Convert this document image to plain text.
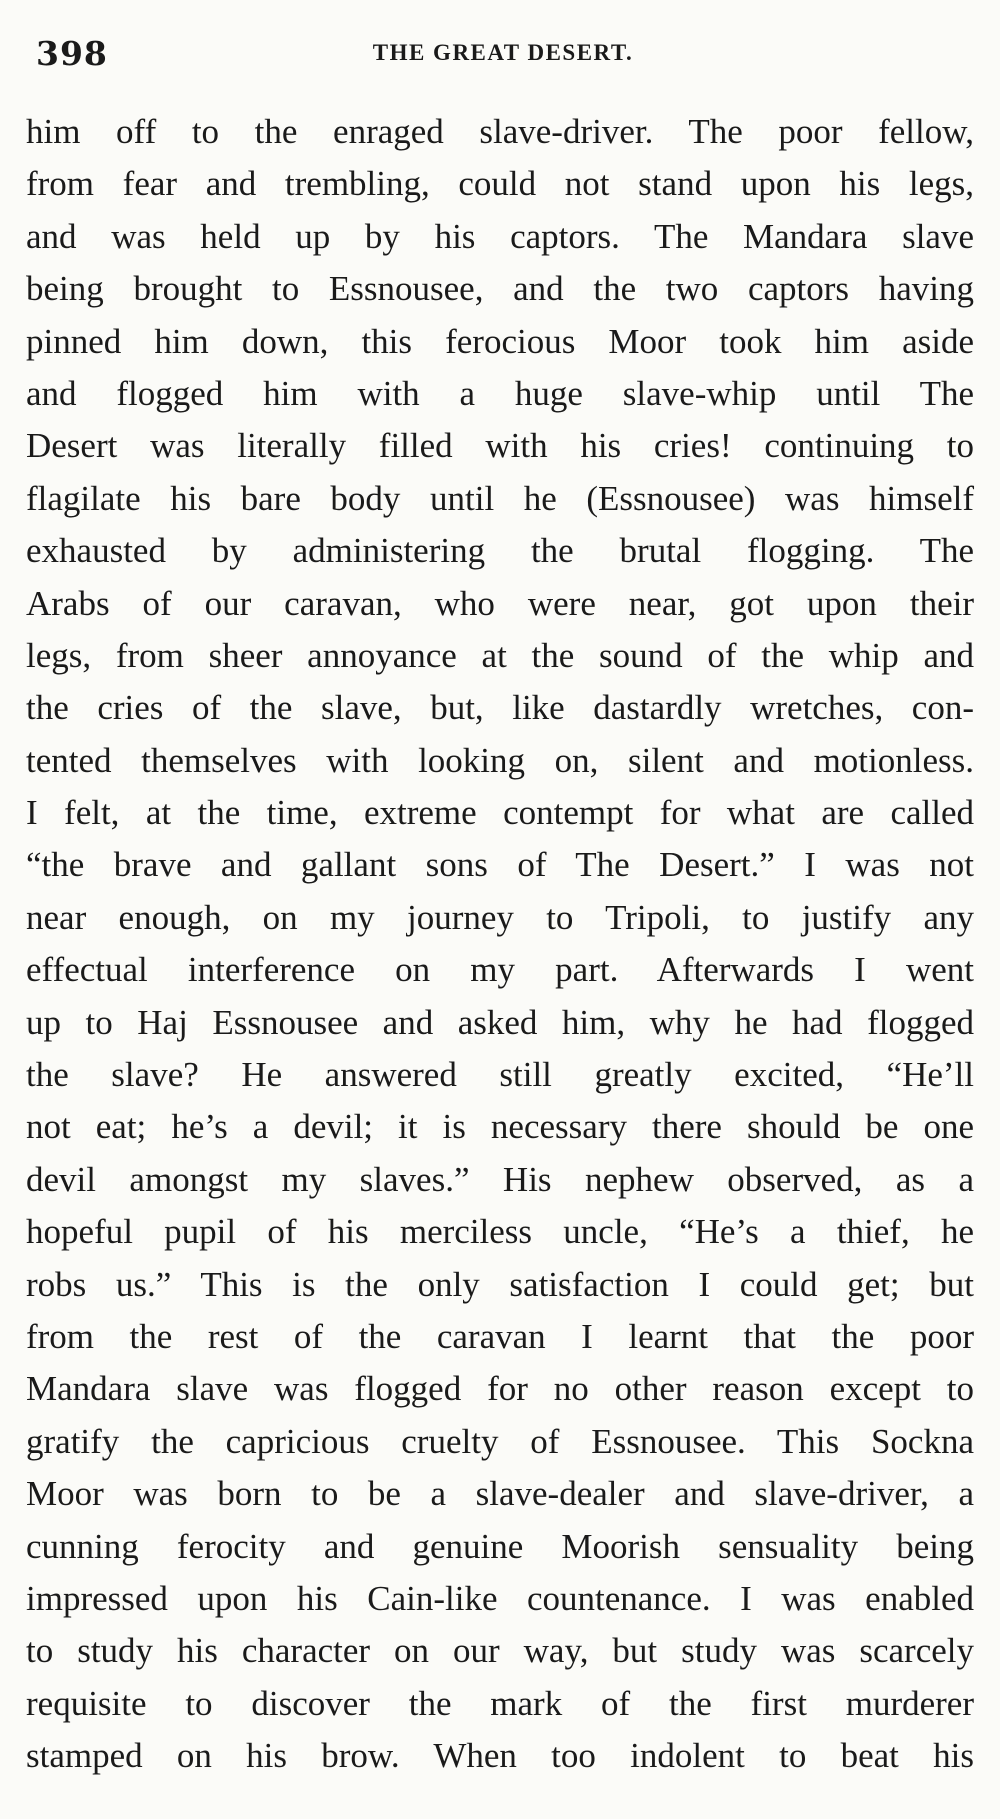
398	THE GREAT DESERT.
him off to the enraged slave-driver. The poor fellow,
from fear and trembling, could not stand upon his legs,
and was held up by his captors. The Mandara slave
being brought to Essnousee, and the two captors having
pinned him down, this ferocious Moor took him aside
and flogged him with a huge slave-whip until The
Desert was literally filled with his cries! continuing to
flagilate his bare body until he (Essnousee) was himself
exhausted by administering the brutal flogging. The
Arabs of our caravan, who were near, got upon their
legs, from sheer annoyance at the sound of the whip and
the cries of the slave, but, like dastardly wretches, con-
tented themselves with looking on, silent and motionless.
I felt, at the time, extreme contempt for what are called
“the brave and gallant sons of The Desert.” I was not
near enough, on my journey to Tripoli, to justify any
effectual interference on my part. Afterwards I went
up to Haj Essnousee and asked him, why he had flogged
the slave? He answered still greatly excited, “He’ll
not eat; he’s a devil; it is necessary there should be one
devil amongst my slaves.” His nephew observed, as a
hopeful pupil of his merciless uncle, “He’s a thief, he
robs us.” This is the only satisfaction I could get; but
from the rest of the caravan I learnt that the poor
Mandara slave was flogged for no other reason except to
gratify the capricious cruelty of Essnousee. This Sockna
Moor was born to be a slave-dealer and slave-driver, a
cunning ferocity and genuine Moorish sensuality being
impressed upon his Cain-like countenance. I was enabled
to study his character on our way, but study was scarcely
requisite to discover the mark of the first murderer
stamped on his brow. When too indolent to beat his
